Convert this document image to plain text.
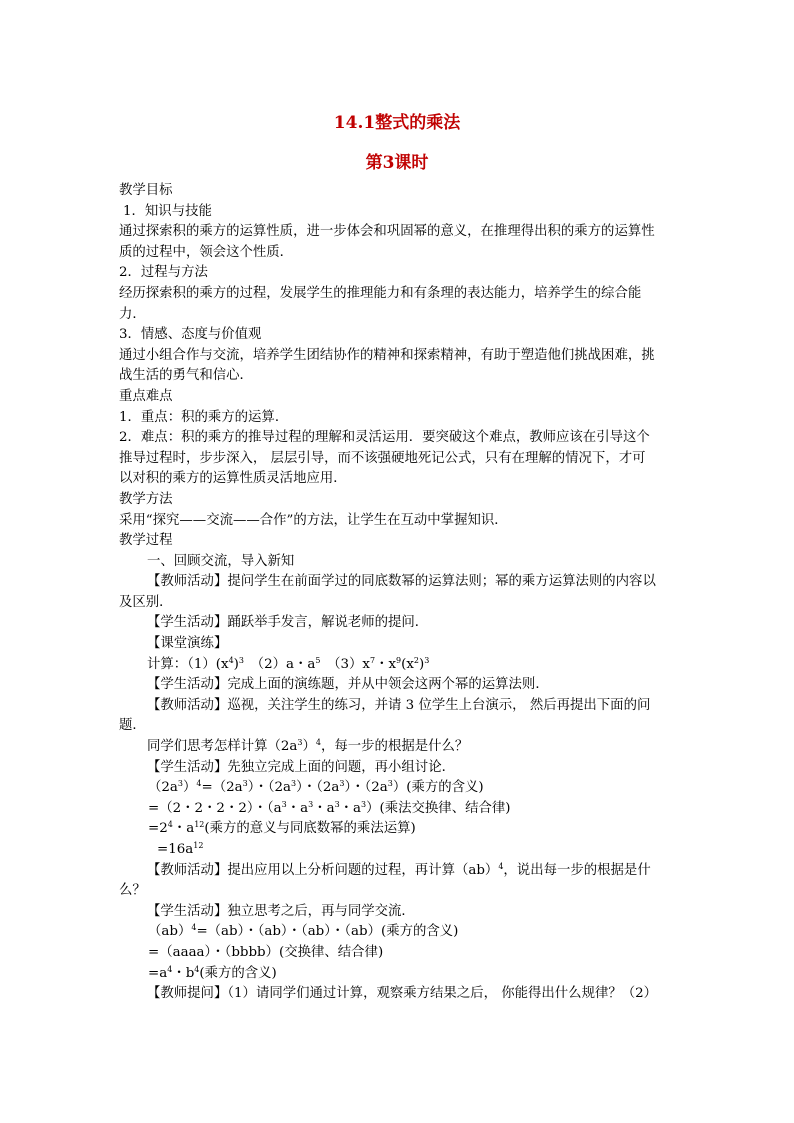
14.1整式的乘法
第3课时

教学目标

1．知识与技能

通过探索积的乘方的运算性质，进一步体会和巩固幂的意义，在推理得出积的乘方的运算性

质的过程中，领会这个性质．

2．过程与方法

经历探索积的乘方的过程，发展学生的推理能力和有条理的表达能力，培养学生的综合能

力．

3．情感、态度与价值观

通过小组合作与交流，培养学生团结协作的精神和探索精神，有助于塑造他们挑战困难，挑

战生活的勇气和信心．

重点难点

1．重点：积的乘方的运算．

2．难点：积的乘方的推导过程的理解和灵活运用．要突破这个难点，教师应该在引导这个

推导过程时，步步深入， 层层引导，而不该强硬地死记公式，只有在理解的情况下，才可

以对积的乘方的运算性质灵活地应用．

教学方法

采用“探究——交流——合作”的方法，让学生在互动中掌握知识．

教学过程

一、回顾交流，导入新知

【教师活动】提问学生在前面学过的同底数幂的运算法则；幂的乘方运算法则的内容以

及区别．

【学生活动】踊跃举手发言，解说老师的提问．

【课堂演练】

计算：$(1)(x^4)^3$　（2）a・$a^5$　$(3)x^7$・$x^9(x^2)^3$

【学生活动】完成上面的演练题，并从中领会这两个幂的运算法则．

【教师活动】巡视，关注学生的练习，并请 3 位学生上台演示， 然后再提出下面的问

题．

同学们思考怎样计算$(2a^3)^4$，每一步的根据是什么？

【学生活动】先独立完成上面的问题，再小组讨论．

$(2a^3)^4=(2a^3)$・$(2a^3)$・$(2a^3)$・$(2a^3)$(乘方的含义)

=（2・2・2・2）・（$a^3$・$a^3$・$a^3$・$a^3$）(乘法交换律、结合律)

$=2^4$・$a^{12}$(乘方的意义与同底数幂的乘法运算)

$=16a^{12}$

【教师活动】提出应用以上分析问题的过程，再计算（ab）$^4$，说出每一步的根据是什

么？

【学生活动】独立思考之后，再与同学交流．

（ab）$^4$=（ab）・（ab）・（ab）・（ab）(乘方的含义)

=（aaaa）・（bbbb）(交换律、结合律)

$=a^4$・$b^4$(乘方的含义)

【教师提问】（1）请同学们通过计算，观察乘方结果之后， 你能得出什么规律？（2）
